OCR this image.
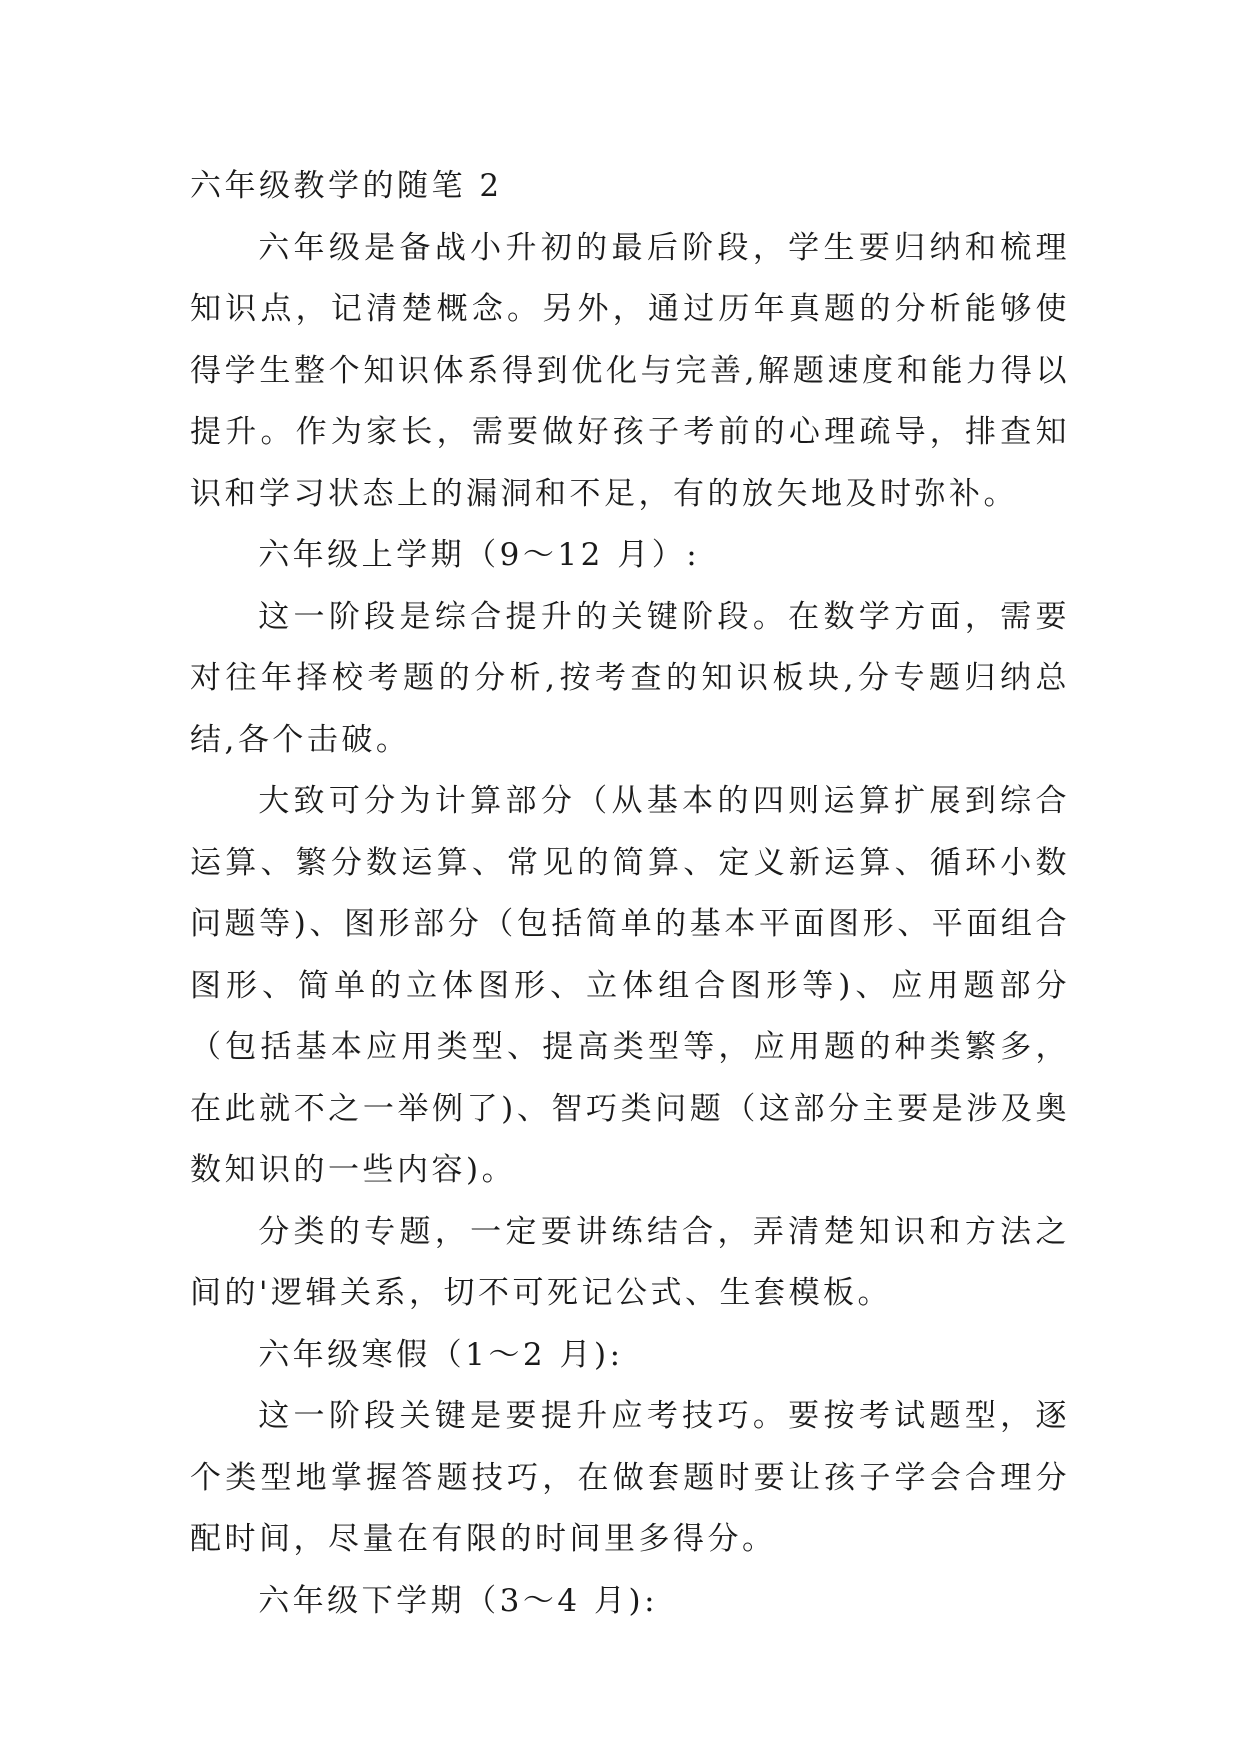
六年级教学的随笔 2

六年级是备战小升初的最后阶段，学生要归纳和梳理知识点，记清楚概念。另外，通过历年真题的分析能够使得学生整个知识体系得到优化与完善,解题速度和能力得以提升。作为家长，需要做好孩子考前的心理疏导，排查知识和学习状态上的漏洞和不足，有的放矢地及时弥补。

六年级上学期（9～12 月）:

这一阶段是综合提升的关键阶段。在数学方面，需要对往年择校考题的分析,按考查的知识板块,分专题归纳总结,各个击破。

大致可分为计算部分（从基本的四则运算扩展到综合运算、繁分数运算、常见的简算、定义新运算、循环小数问题等)、图形部分（包括简单的基本平面图形、平面组合图形、简单的立体图形、立体组合图形等)、应用题部分（包括基本应用类型、提高类型等，应用题的种类繁多，在此就不之一举例了)、智巧类问题（这部分主要是涉及奥数知识的一些内容)。

分类的专题，一定要讲练结合，弄清楚知识和方法之间的'逻辑关系，切不可死记公式、生套模板。

六年级寒假（1～2 月):

这一阶段关键是要提升应考技巧。要按考试题型，逐个类型地掌握答题技巧，在做套题时要让孩子学会合理分配时间，尽量在有限的时间里多得分。

六年级下学期（3～4 月):
